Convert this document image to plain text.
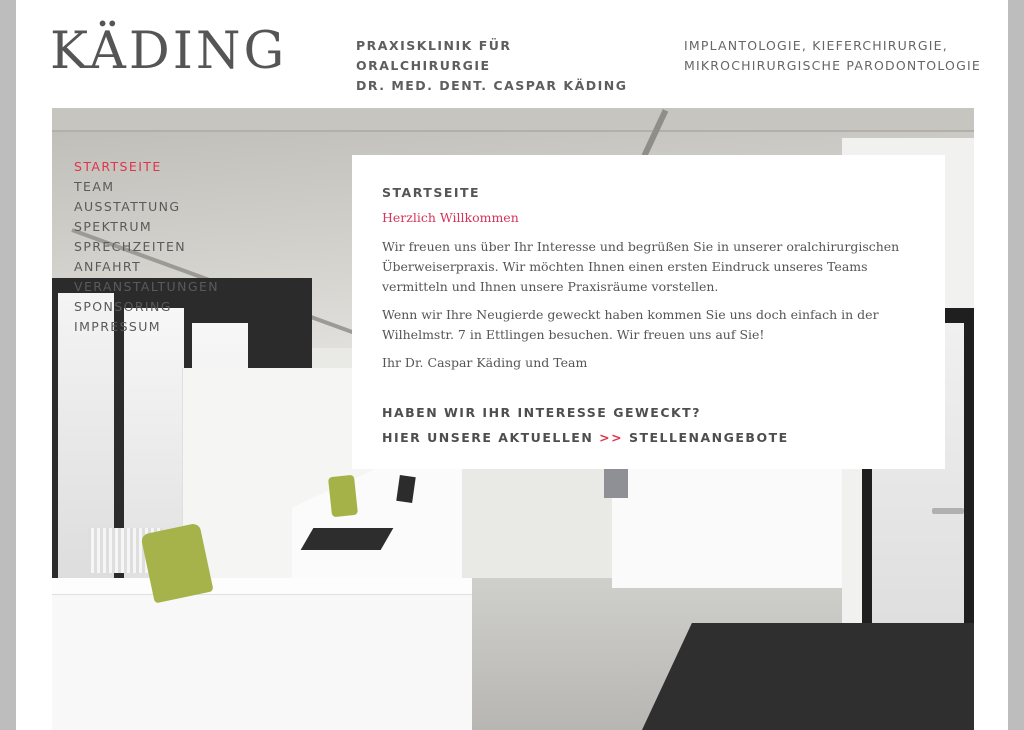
KÄDING	PRAXISKLINIK FÜR
ORALCHIRURGIE
DR. MED. DENT. CASPAR KÄDING
IMPLANTOLOGIE, KIEFERCHIRURGIE,
MIKROCHIRURGISCHE PARODONTOLOGIE
STARTSEITE
TEAM
AUSSTATTUNG
SPEKTRUM
SPRECHZEITEN
ANFAHRT
VERANSTALTUNGEN
SPONSORING
IMPRESSUM
STARTSEITE
Herzlich Willkommen

Wir freuen uns über Ihr Interesse und begrüßen Sie in unserer oralchirurgischen Überweiserpraxis. Wir möchten Ihnen einen ersten Eindruck unseres Teams vermitteln und Ihnen unsere Praxisräume vorstellen.

Wenn wir Ihre Neugierde geweckt haben kommen Sie uns doch einfach in der Wilhelmstr. 7 in Ettlingen besuchen. Wir freuen uns auf Sie!

Ihr Dr. Caspar Käding und Team

HABEN WIR IHR INTERESSE GEWECKT?
HIER UNSERE AKTUELLEN >> STELLENANGEBOTE
